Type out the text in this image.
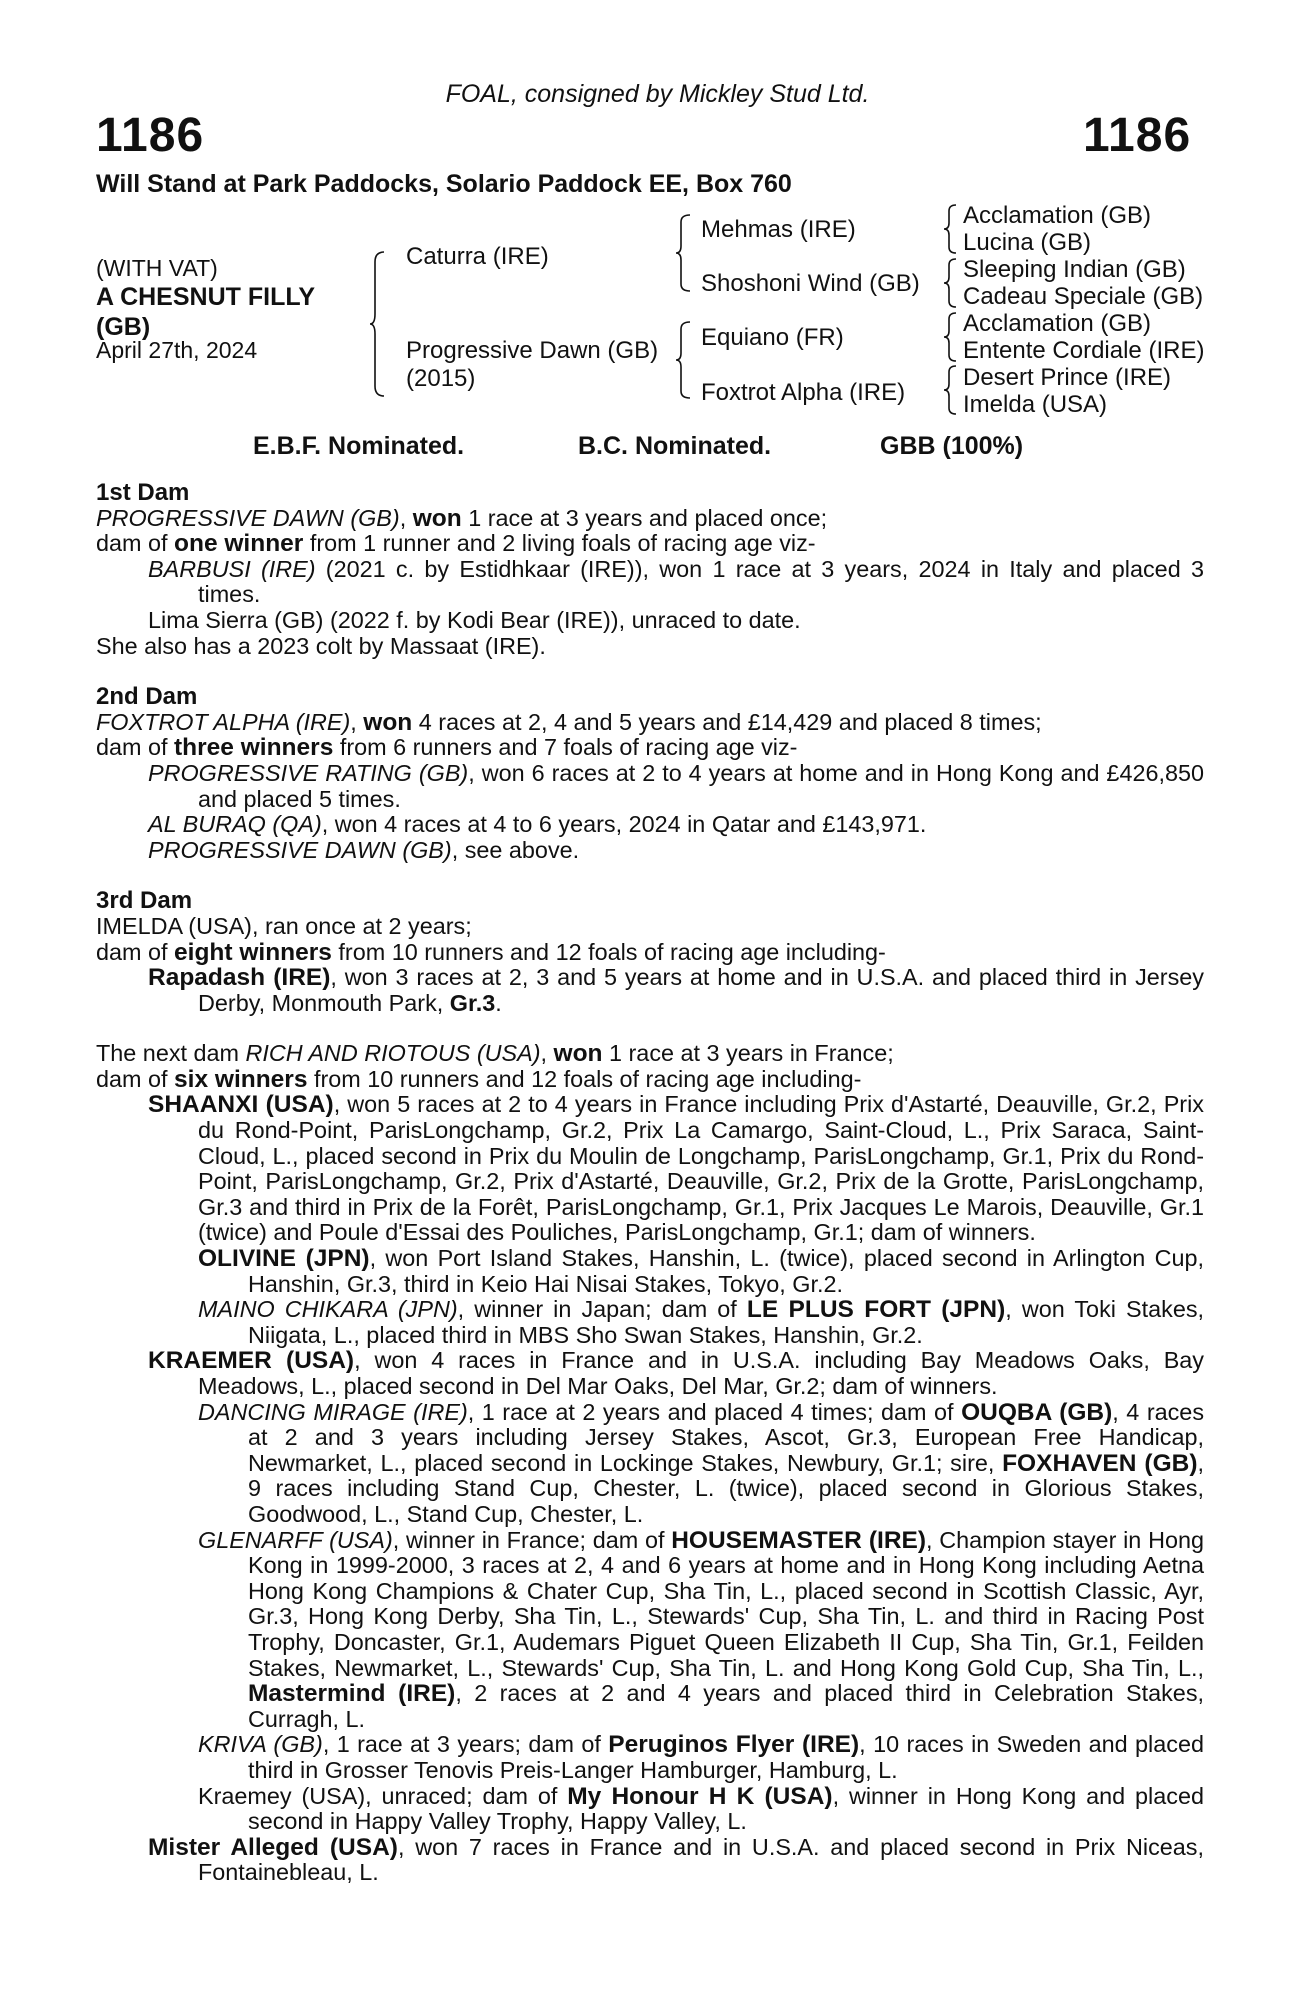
FOAL, consigned by Mickley Stud Ltd.
1186	1186
Will Stand at Park Paddocks, Solario Paddock EE, Box 760
(WITH VAT)
A CHESNUT FILLY
(GB)
April 27th, 2024
Caturra (IRE)
Progressive Dawn (GB)
(2015)
Mehmas (IRE)
Shoshoni Wind (GB)
Equiano (FR)
Foxtrot Alpha (IRE)
Acclamation (GB)
Lucina (GB)
Sleeping Indian (GB)
Cadeau Speciale (GB)
Acclamation (GB)
Entente Cordiale (IRE)
Desert Prince (IRE)
Imelda (USA)
E.B.F. Nominated.	B.C. Nominated.	GBB (100%)

1st Dam

PROGRESSIVE DAWN (GB), won 1 race at 3 years and placed once;

dam of one winner from 1 runner and 2 living foals of racing age viz-

BARBUSI (IRE) (2021 c. by Estidhkaar (IRE)), won 1 race at 3 years, 2024 in Italy and placed 3 times.

Lima Sierra (GB) (2022 f. by Kodi Bear (IRE)), unraced to date.

She also has a 2023 colt by Massaat (IRE).

2nd Dam

FOXTROT ALPHA (IRE), won 4 races at 2, 4 and 5 years and £14,429 and placed 8 times;

dam of three winners from 6 runners and 7 foals of racing age viz-

PROGRESSIVE RATING (GB), won 6 races at 2 to 4 years at home and in Hong Kong and £426,850 and placed 5 times.

AL BURAQ (QA), won 4 races at 4 to 6 years, 2024 in Qatar and £143,971.

PROGRESSIVE DAWN (GB), see above.

3rd Dam

IMELDA (USA), ran once at 2 years;

dam of eight winners from 10 runners and 12 foals of racing age including-

Rapadash (IRE), won 3 races at 2, 3 and 5 years at home and in U.S.A. and placed third in Jersey Derby, Monmouth Park, Gr.3.

The next dam RICH AND RIOTOUS (USA), won 1 race at 3 years in France;

dam of six winners from 10 runners and 12 foals of racing age including-

SHAANXI (USA), won 5 races at 2 to 4 years in France including Prix d'Astarté, Deauville, Gr.2, Prix du Rond-Point, ParisLongchamp, Gr.2, Prix La Camargo, Saint-Cloud, L., Prix Saraca, Saint-Cloud, L., placed second in Prix du Moulin de Longchamp, ParisLongchamp, Gr.1, Prix du Rond-Point, ParisLongchamp, Gr.2, Prix d'Astarté, Deauville, Gr.2, Prix de la Grotte, ParisLongchamp, Gr.3 and third in Prix de la Forêt, ParisLongchamp, Gr.1, Prix Jacques Le Marois, Deauville, Gr.1 (twice) and Poule d'Essai des Pouliches, ParisLongchamp, Gr.1; dam of winners.

OLIVINE (JPN), won Port Island Stakes, Hanshin, L. (twice), placed second in Arlington Cup, Hanshin, Gr.3, third in Keio Hai Nisai Stakes, Tokyo, Gr.2.

MAINO CHIKARA (JPN), winner in Japan; dam of LE PLUS FORT (JPN), won Toki Stakes, Niigata, L., placed third in MBS Sho Swan Stakes, Hanshin, Gr.2.

KRAEMER (USA), won 4 races in France and in U.S.A. including Bay Meadows Oaks, Bay Meadows, L., placed second in Del Mar Oaks, Del Mar, Gr.2; dam of winners.

DANCING MIRAGE (IRE), 1 race at 2 years and placed 4 times; dam of OUQBA (GB), 4 races at 2 and 3 years including Jersey Stakes, Ascot, Gr.3, European Free Handicap, Newmarket, L., placed second in Lockinge Stakes, Newbury, Gr.1; sire, FOXHAVEN (GB), 9 races including Stand Cup, Chester, L. (twice), placed second in Glorious Stakes, Goodwood, L., Stand Cup, Chester, L.

GLENARFF (USA), winner in France; dam of HOUSEMASTER (IRE), Champion stayer in Hong Kong in 1999-2000, 3 races at 2, 4 and 6 years at home and in Hong Kong including Aetna Hong Kong Champions & Chater Cup, Sha Tin, L., placed second in Scottish Classic, Ayr, Gr.3, Hong Kong Derby, Sha Tin, L., Stewards' Cup, Sha Tin, L. and third in Racing Post Trophy, Doncaster, Gr.1, Audemars Piguet Queen Elizabeth II Cup, Sha Tin, Gr.1, Feilden Stakes, Newmarket, L., Stewards' Cup, Sha Tin, L. and Hong Kong Gold Cup, Sha Tin, L., Mastermind (IRE), 2 races at 2 and 4 years and placed third in Celebration Stakes, Curragh, L.

KRIVA (GB), 1 race at 3 years; dam of Peruginos Flyer (IRE), 10 races in Sweden and placed third in Grosser Tenovis Preis-Langer Hamburger, Hamburg, L.

Kraemey (USA), unraced; dam of My Honour H K (USA), winner in Hong Kong and placed second in Happy Valley Trophy, Happy Valley, L.

Mister Alleged (USA), won 7 races in France and in U.S.A. and placed second in Prix Niceas, Fontainebleau, L.
